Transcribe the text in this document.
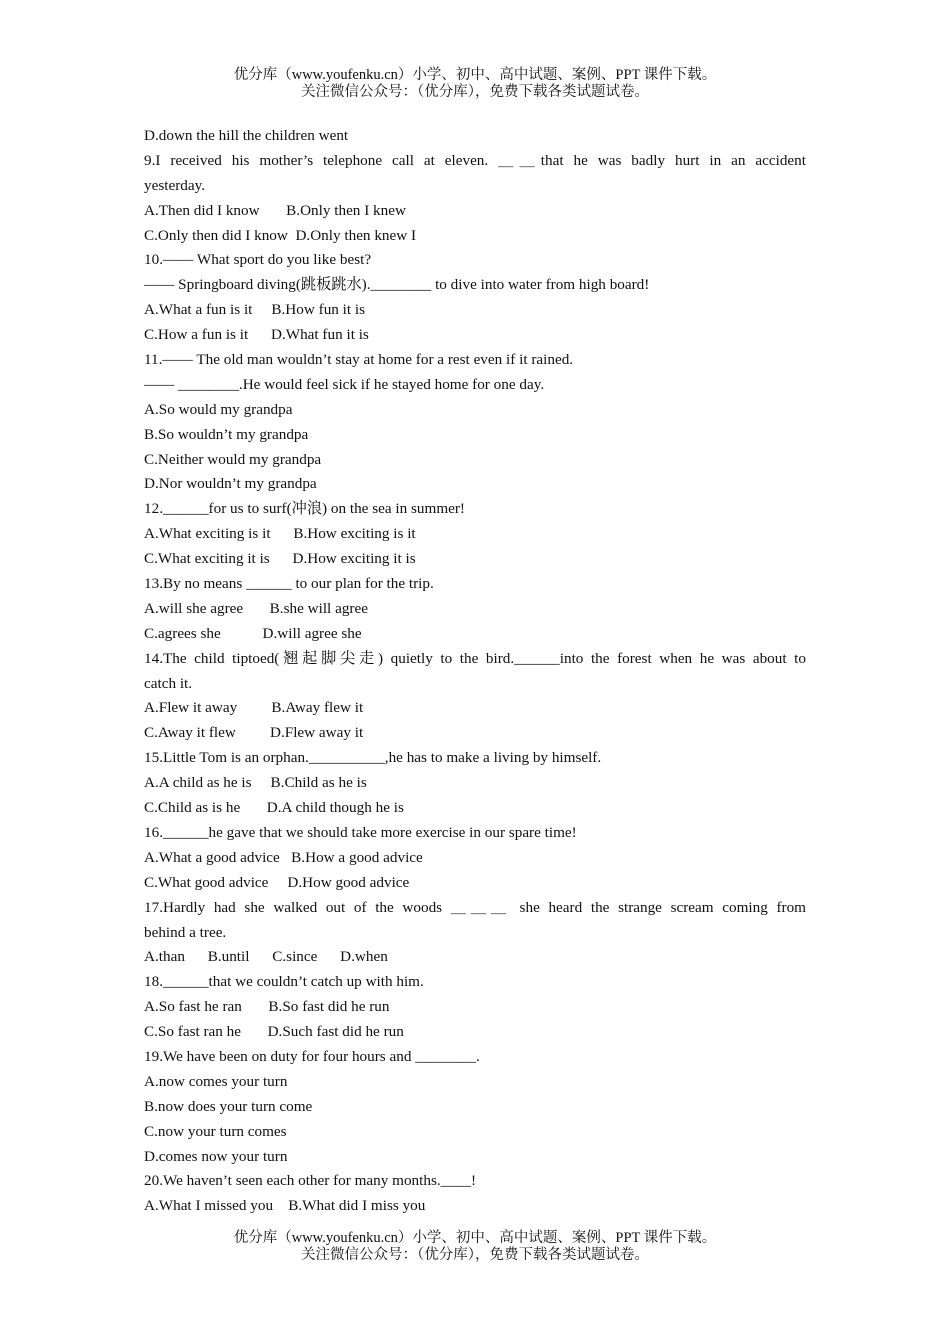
优分库（www.youfenku.cn）小学、初中、高中试题、案例、PPT 课件下载。
关注微信公众号：（优分库），免费下载各类试题试卷。
D.down the hill the children went
9.I received his mother’s telephone call at eleven. ＿＿that he was badly hurt in an accident
yesterday.
A.Then did I know       B.Only then I knew
C.Only then did I know  D.Only then knew I
10.—— What sport do you like best?
—— Springboard diving(跳板跳水).________ to dive into water from high board!
A.What a fun is it     B.How fun it is
C.How a fun is it      D.What fun it is
11.—— The old man wouldn’t stay at home for a rest even if it rained.
—— ________.He would feel sick if he stayed home for one day.
A.So would my grandpa
B.So wouldn’t my grandpa
C.Neither would my grandpa
D.Nor wouldn’t my grandpa
12.______for us to surf(冲浪) on the sea in summer!
A.What exciting is it      B.How exciting is it
C.What exciting it is      D.How exciting it is
13.By no means ______ to our plan for the trip.
A.will she agree       B.she will agree
C.agrees she           D.will agree she
14.The child tiptoed(翘起脚尖走) quietly to the bird.______into the forest when he was about to
catch it.
A.Flew it away         B.Away flew it
C.Away it flew         D.Flew away it
15.Little Tom is an orphan.__________,he has to make a living by himself.
A.A child as he is     B.Child as he is
C.Child as is he       D.A child though he is
16.______he gave that we should take more exercise in our spare time!
A.What a good advice   B.How a good advice
C.What good advice     D.How good advice
17.Hardly had she walked out of the woods ＿＿＿ she heard the strange scream coming from
behind a tree.
A.than      B.until      C.since      D.when
18.______that we couldn’t catch up with him.
A.So fast he ran       B.So fast did he run
C.So fast ran he       D.Such fast did he run
19.We have been on duty for four hours and ________.
A.now comes your turn
B.now does your turn come
C.now your turn comes
D.comes now your turn
20.We haven’t seen each other for many months.____!
A.What I missed you    B.What did I miss you
优分库（www.youfenku.cn）小学、初中、高中试题、案例、PPT 课件下载。
关注微信公众号：（优分库），免费下载各类试题试卷。
